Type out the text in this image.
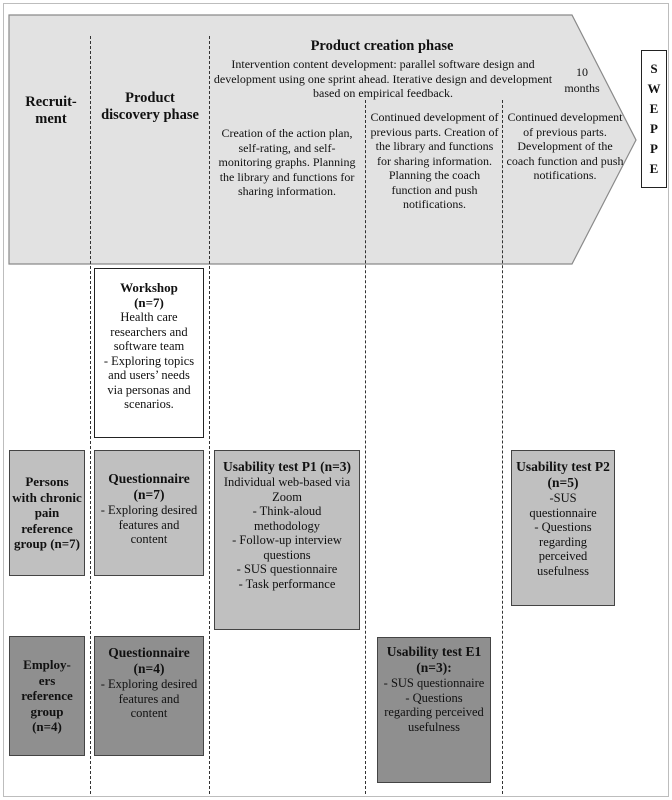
Recruit-
ment
Product
discovery phase
Product creation phase
Intervention content development: parallel software design and development using one sprint ahead. Iterative design and development based on empirical feedback.
10
months
Creation of the action plan, self-rating, and self-monitoring graphs. Planning the library and functions for sharing information.
Continued development of previous parts. Creation of the library and functions for sharing information. Planning the coach function and push notifications.
Continued development of previous parts. Development of the coach function and push notifications.
S
W
E
P
P
E
Workshop
(n=7)
Health care researchers and software team
- Exploring topics and users’ needs via personas and scenarios.
Persons with chronic pain reference group (n=7)
Questionnaire (n=7)
- Exploring desired features and content
Usability test P1 (n=3)
Individual web-based via Zoom
- Think-aloud methodology
- Follow-up interview questions
- SUS questionnaire
- Task performance
Usability test P2 (n=5)
-SUS questionnaire
- Questions regarding perceived usefulness
Employ-
ers
reference
group
(n=4)
Questionnaire (n=4)
- Exploring desired features and content
Usability test E1 (n=3):
- SUS questionnaire
- Questions regarding perceived usefulness
